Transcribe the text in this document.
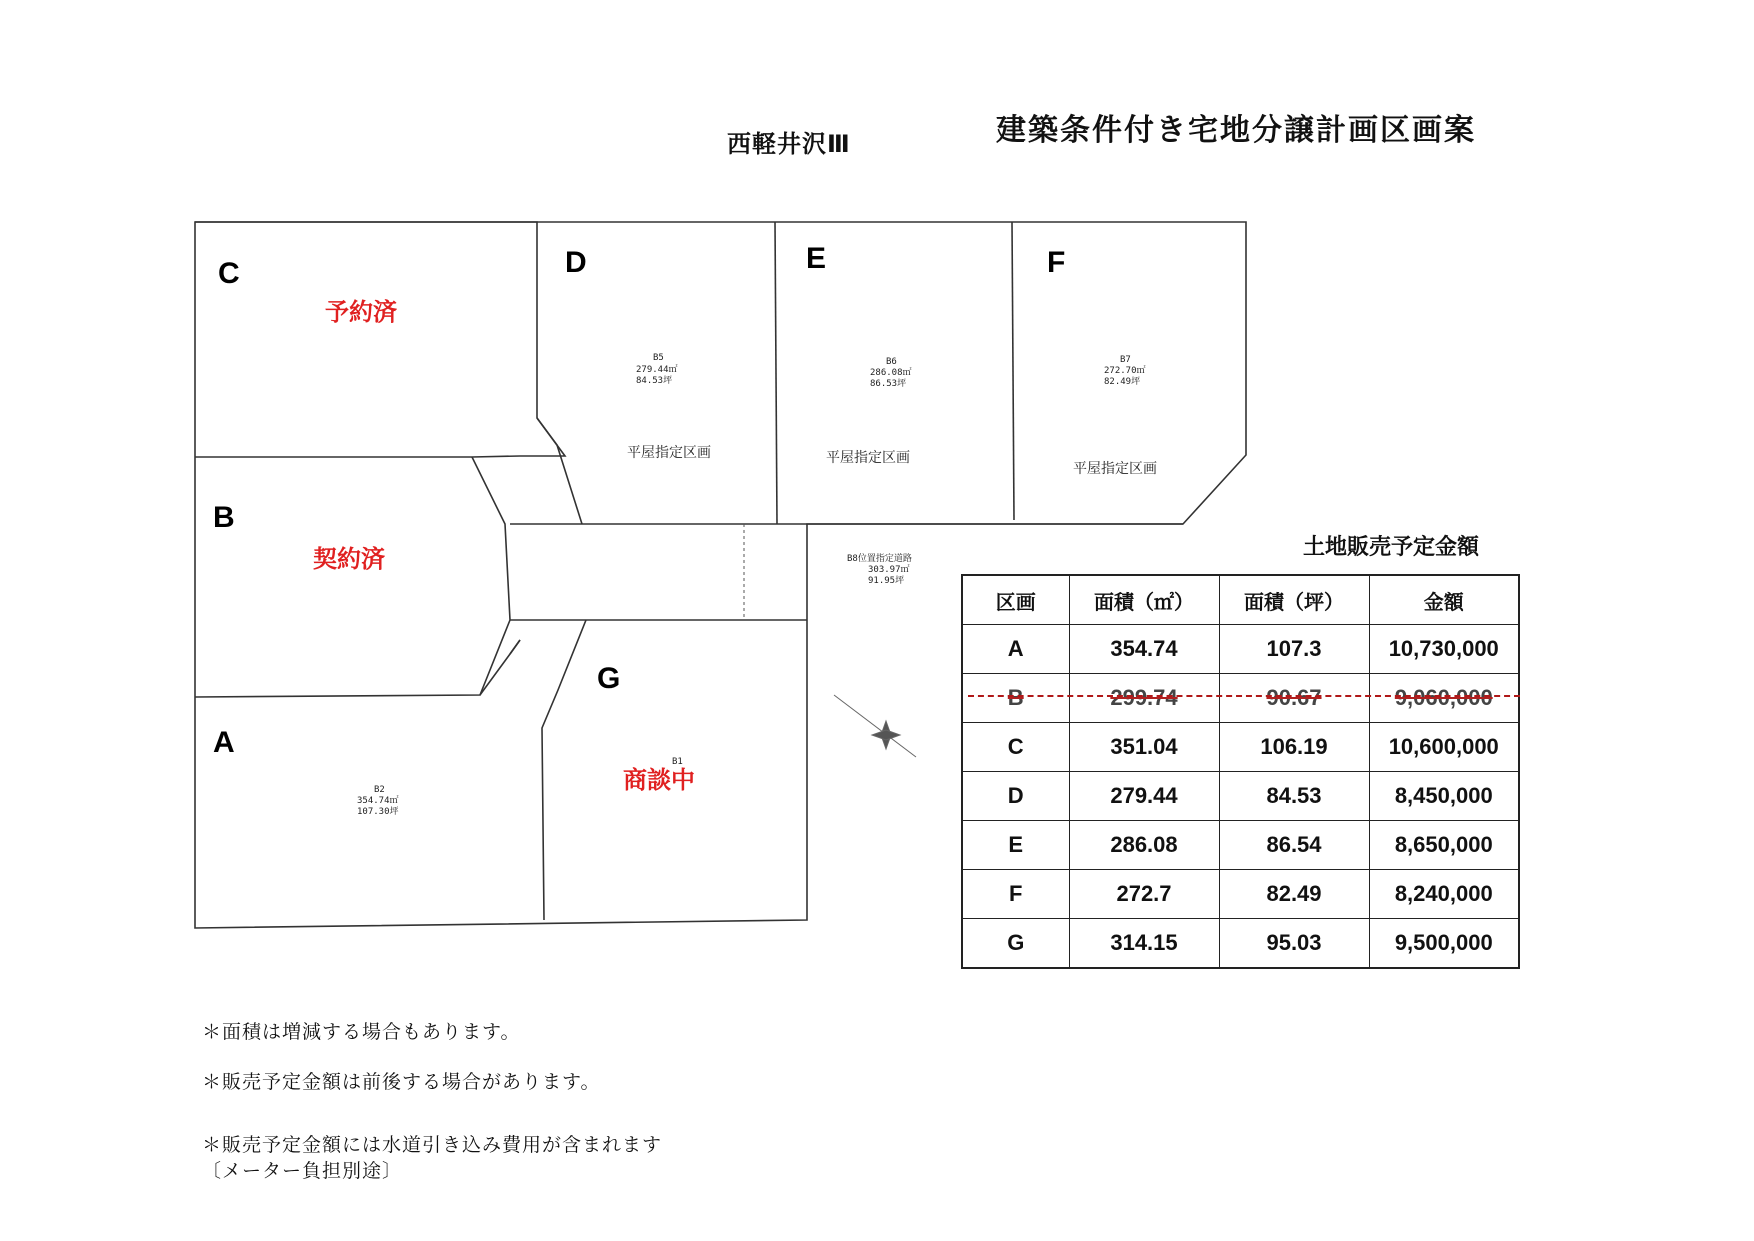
西軽井沢Ⅲ	建築条件付き宅地分譲計画区画案
C	D	E	F
B
A
G
予約済
契約済
商談中
B5
279.44㎡
84.53坪
平屋指定区画
B6
286.08㎡
86.53坪
平屋指定区画
B7
272.70㎡
82.49坪
平屋指定区画
B8位置指定道路
303.97㎡
91.95坪
B2
354.74㎡
107.30坪
B1
土地販売予定金額
区画	面積（㎡）	面積（坪）	金額
A	354.74	107.3	10,730,000
B	299.74	90.67	9,060,000
C	351.04	106.19	10,600,000
D	279.44	84.53	8,450,000
E	286.08	86.54	8,650,000
F	272.7	82.49	8,240,000
G	314.15	95.03	9,500,000
＊面積は増減する場合もあります。
＊販売予定金額は前後する場合があります。
＊販売予定金額には水道引き込み費用が含まれます
〔メーター負担別途〕
